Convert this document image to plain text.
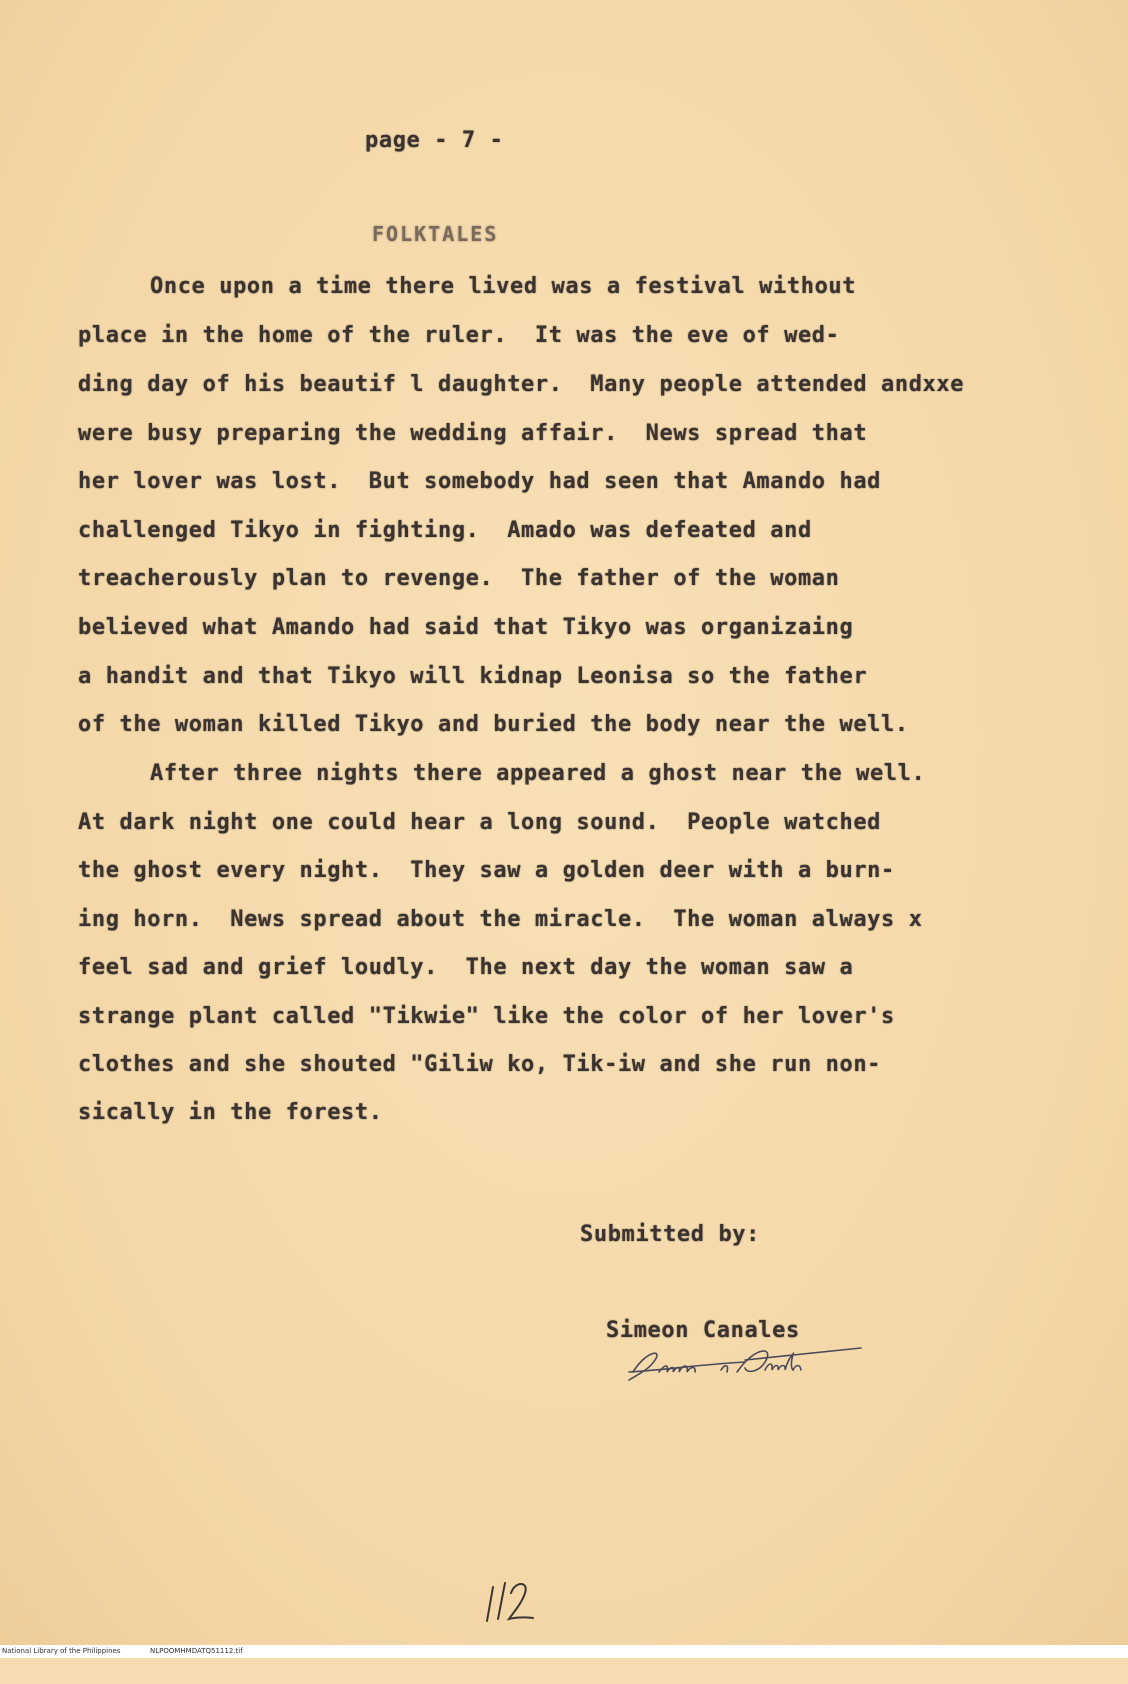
page - 7 -
FOLKTALES
Once upon a time there lived was a festival without
place in the home of the ruler.  It was the eve of wed-
ding day of his beautif l daughter.  Many people attended andxxe
were busy preparing the wedding affair.  News spread that
her lover was lost.  But somebody had seen that Amando had
challenged Tikyo in fighting.  Amado was defeated and
treacherously plan to revenge.  The father of the woman
believed what Amando had said that Tikyo was organizaing
a handit and that Tikyo will kidnap Leonisa so the father
of the woman killed Tikyo and buried the body near the well.
After three nights there appeared a ghost near the well.
At dark night one could hear a long sound.  People watched
the ghost every night.  They saw a golden deer with a burn-
ing horn.  News spread about the miracle.  The woman always x
feel sad and grief loudly.  The next day the woman saw a
strange plant called "Tikwie" like the color of her lover's
clothes and she shouted "Giliw ko, Tik-iw and she run non-
sically in the forest.
Submitted by:
Simeon Canales

National Library of the Philippines

	NLPOOMHMDATQ51112.tif
